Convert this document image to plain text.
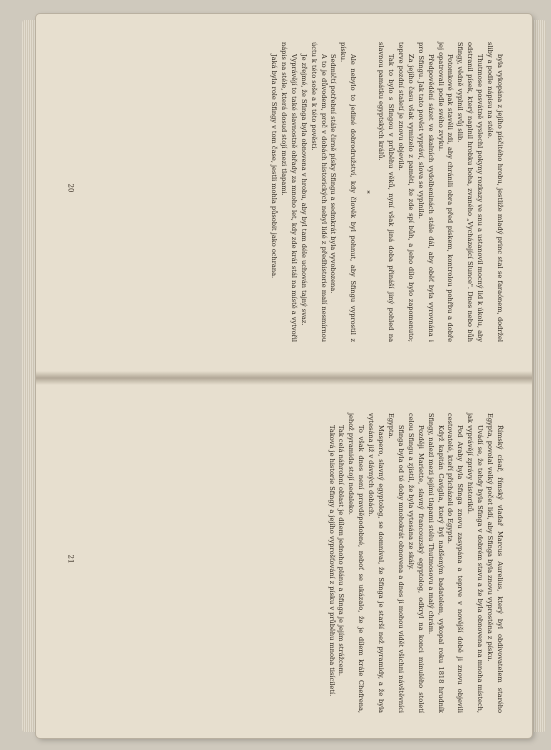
byla vykopána z jejího písčitého hrobu, jestliže mladý princ stal se faraónem, dodržel sliby a podle nápisu na stéle.

Thutmose posvátně vyslechl pokyny rozkazy ve snu a ustanovil mocný lid k úkolu, aby odstranil písek, který naplnil hrobku boha, zvaného „Vycházející Slunce". Dnes nebo bůh Sfingy, vědně vyplnil svůj slib.

Potomkové pak stavěli zdi, aby chránili obra před pískem, kontrolou pohřbu a dobře jej opatrovali podle svého zvyku.

Předpovědění sázet ve skalních vydolbeninách stále dál, aby oběť byla vyrovnána i pro Sfingu. Jak tato pověst vypráví, slova se vyplnila.

Za jejího času však vymizelo z paměti, že zde spí bůh, a jeho dílo bylo zapomenuto; teprve pozdní staletí je znovu objevila.

Tak to bylo s Sfingou v průběhu věků, nyní však jiná doba přináší jiný pohled na slavnou památku egyptských králů.

*

Ale nebylo to jediné dobrodružství, kdy člověk byl pohnut, aby Sfingu vyprostil z písku.

Sedmičtí potřební stále čirně písky Sfingu a sedmkrát byla vyvobozena.

A to je důvodem, proč v dobách historických nebyl lidé z předhistorie malí nesmírnou úctu k této soše a k této pověsti.

Je zřejmé, že Sfinga byla obnovena v hrobu, aby byl tam déle uchován tajný svaz.

Vyprávějí to také slavnostně obřady za mnoho let, kdy zde král stál na místě a vytvořil nápis na stéle, která dosud stojí mezi tlapami.

Jaká byla role Sfingy v tom čase, jestli mohla působit jako ochrana.

20

Římský císař, římský vladař Marcus Aurelius, který byl obdivovatelem starého Egypta, povolal velký počet lidí, aby Sfinga byla znovu vyprostěna z písku.

Uvádí se, že tehdy byla Sfinga v dobrém stavu a že byla obnovena na mnoha místech, jak vyprávějí zprávy historiků.

Pod Araby byla Sfinga znovu zasypána a teprve v novější době ji znovu objevili cestovatelé, kteří přicházeli do Egypta.

Když kapitán Caviglia, který byl nadšeným badatelem, vykopal roku 1818 hrudník Sfingy, nalezl mezi jejími tlapami stélu Thutmosovu a malý chrám.

Později Mariette, slavný francouzský egyptolog, odkryl na konci minulého století celou Sfingu a zjistil, že byla vytesána ze skály.

Sfinga byla od té doby mnohokrát obnovena a dnes ji mohou vidět všichni návštěvníci Egypta.

Maspero, slavný egyptolog, se domníval, že Sfinga je starší než pyramidy, a že byla vytesána již v dávných dobách.

To však dnes není pravděpodobné, neboť se ukázalo, že je dílem krále Chefrena, jehož pyramida stojí nedaleko.

Tak celá náhrobní oblast je dílem jednoho plánu a Sfinga je jejím strážcem.

Taková je historie Sfingy a jejího vyprošťování z písku v průběhu mnoha tisíciletí.

21
